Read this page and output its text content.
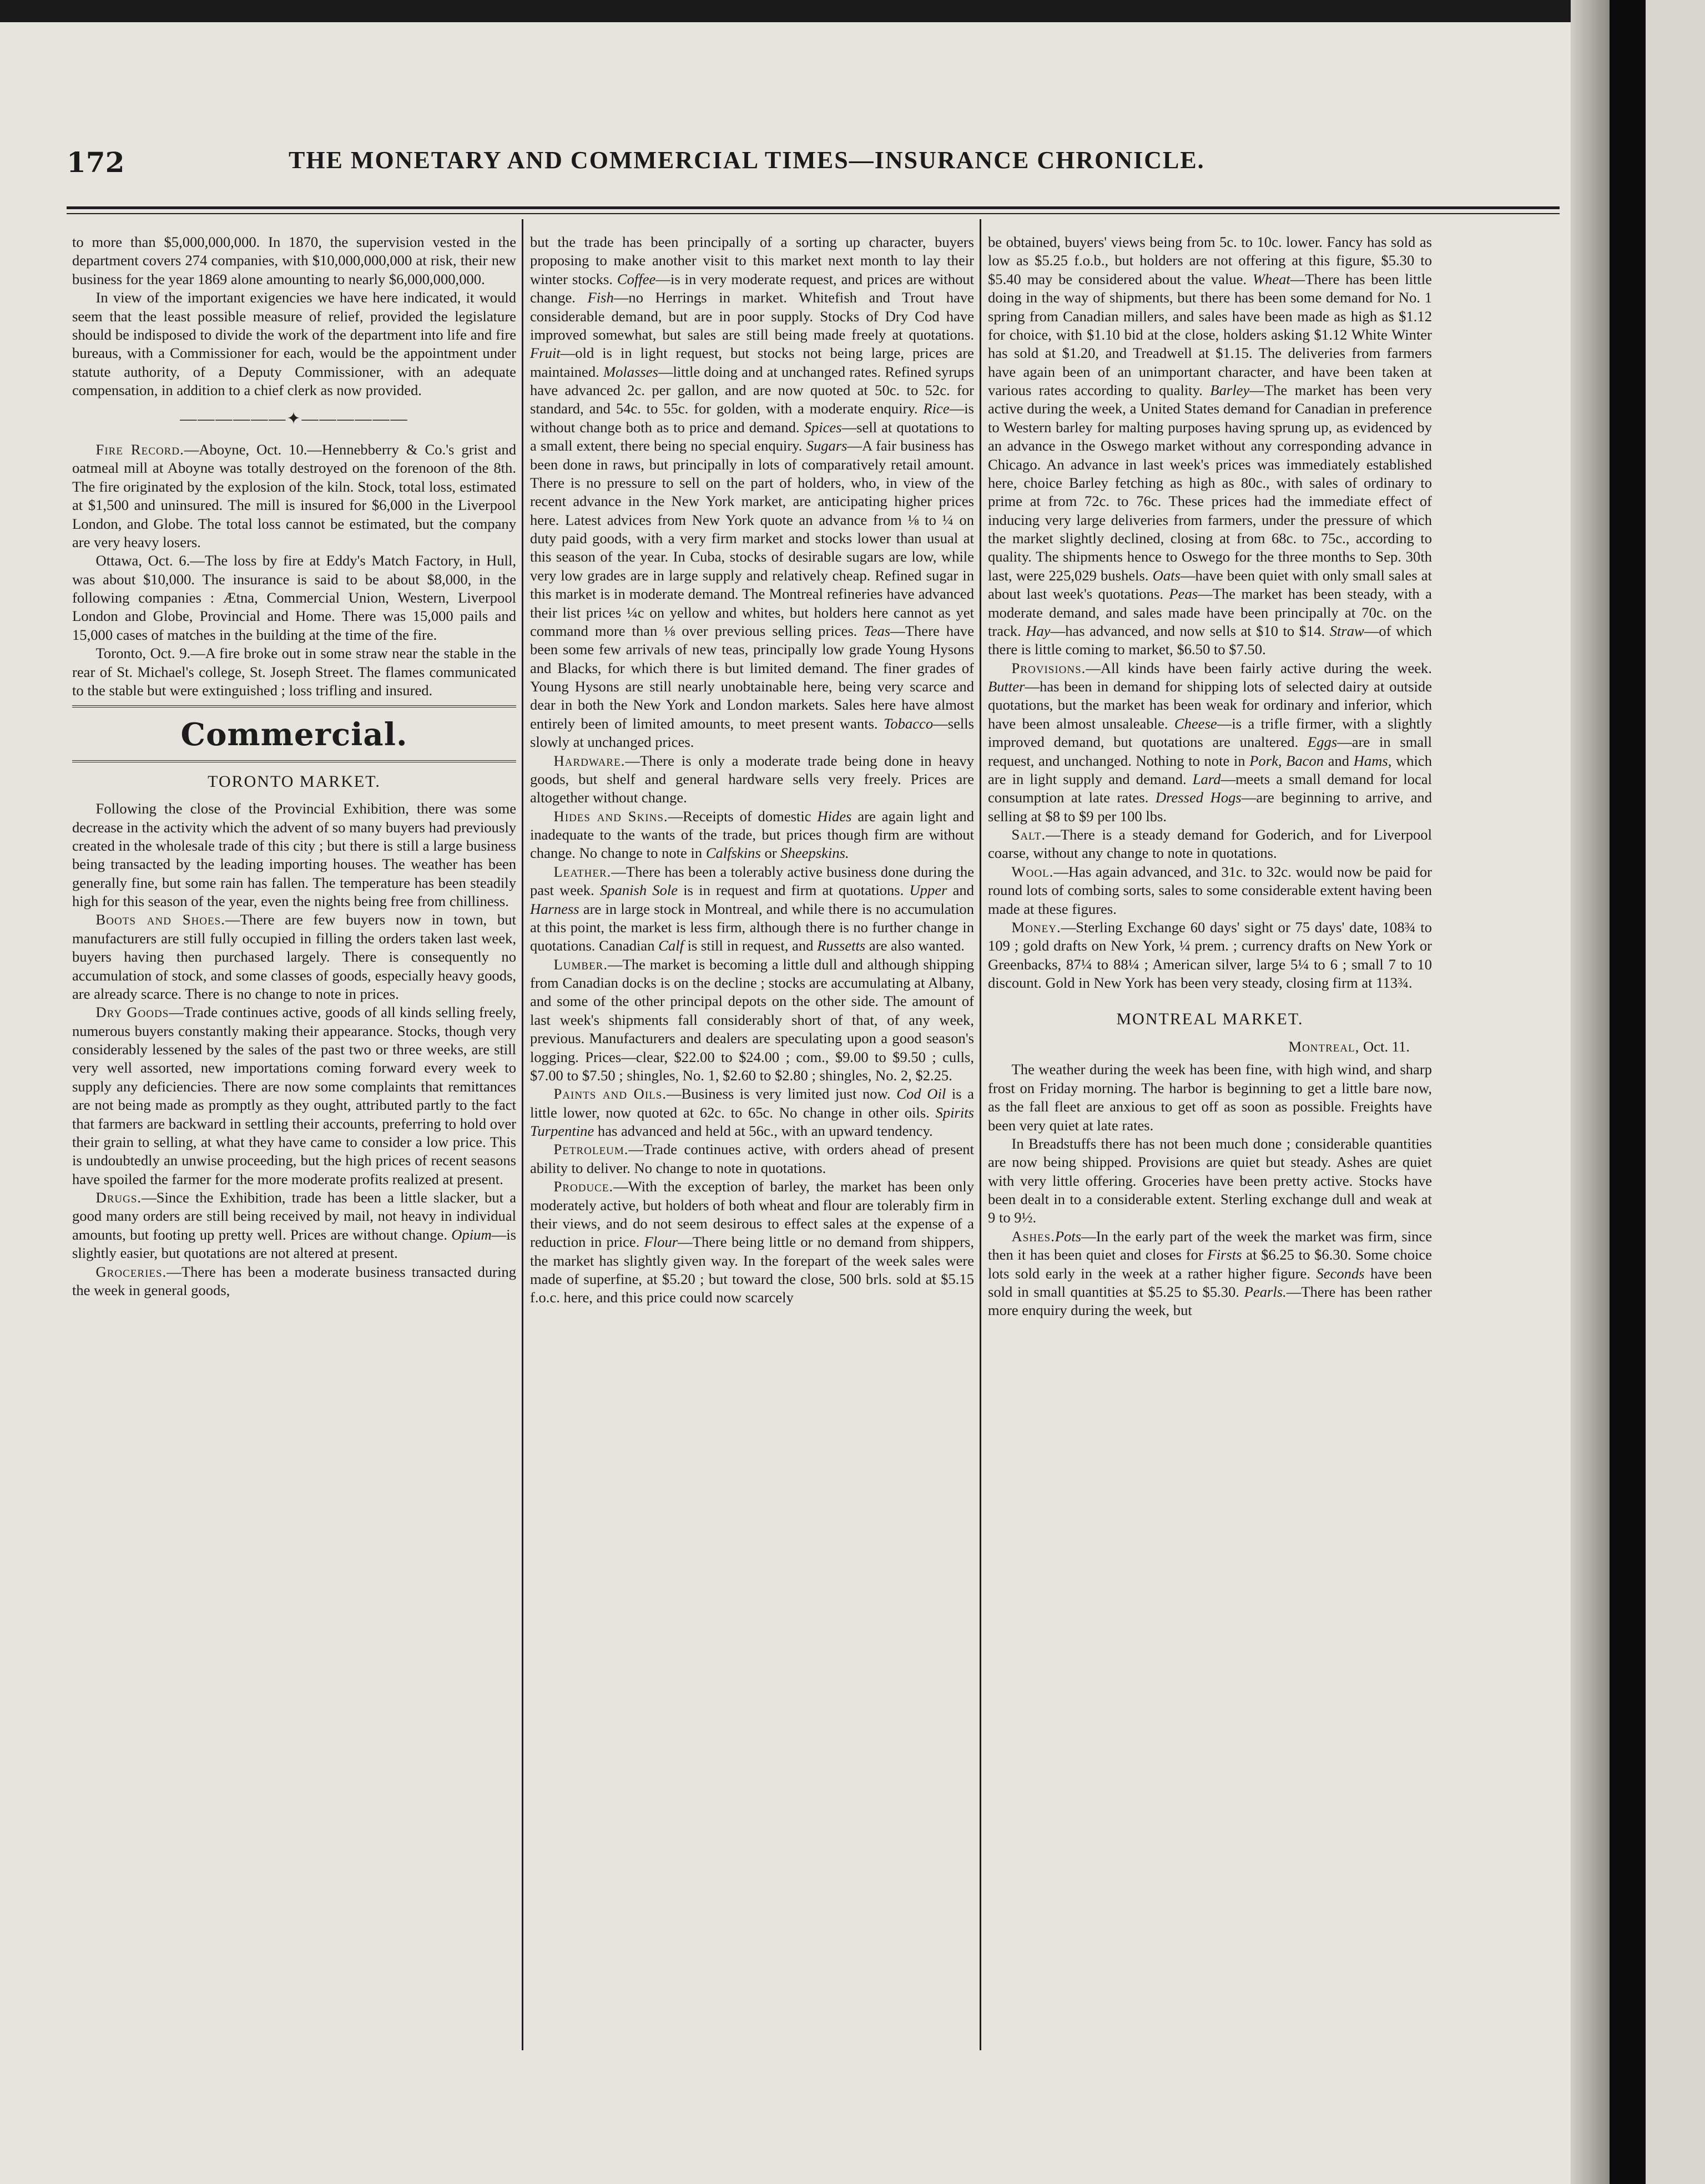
172	THE MONETARY AND COMMERCIAL TIMES—INSURANCE CHRONICLE.

to more than $5,000,000,000. In 1870, the supervision vested in the department covers 274 companies, with $10,000,000,000 at risk, their new business for the year 1869 alone amounting to nearly $6,000,000,000.

In view of the important exigencies we have here indicated, it would seem that the least possible measure of relief, provided the legislature should be indisposed to divide the work of the department into life and fire bureaus, with a Commissioner for each, would be the appointment under statute authority, of a Deputy Commissioner, with an adequate compensation, in addition to a chief clerk as now provided.

——————✦——————

Fire Record.—Aboyne, Oct. 10.—Hennebberry & Co.'s grist and oatmeal mill at Aboyne was totally destroyed on the forenoon of the 8th. The fire originated by the explosion of the kiln. Stock, total loss, estimated at $1,500 and uninsured. The mill is insured for $6,000 in the Liverpool London, and Globe. The total loss cannot be estimated, but the company are very heavy losers.

Ottawa, Oct. 6.—The loss by fire at Eddy's Match Factory, in Hull, was about $10,000. The insurance is said to be about $8,000, in the following companies : Ætna, Commercial Union, Western, Liverpool London and Globe, Provincial and Home. There was 15,000 pails and 15,000 cases of matches in the building at the time of the fire.

Toronto, Oct. 9.—A fire broke out in some straw near the stable in the rear of St. Michael's college, St. Joseph Street. The flames communicated to the stable but were extinguished ; loss trifling and insured.

Commercial.
TORONTO MARKET.

Following the close of the Provincial Exhibition, there was some decrease in the activity which the advent of so many buyers had previously created in the wholesale trade of this city ; but there is still a large business being transacted by the leading importing houses. The weather has been generally fine, but some rain has fallen. The temperature has been steadily high for this season of the year, even the nights being free from chilliness.

Boots and Shoes.—There are few buyers now in town, but manufacturers are still fully occupied in filling the orders taken last week, buyers having then purchased largely. There is consequently no accumulation of stock, and some classes of goods, especially heavy goods, are already scarce. There is no change to note in prices.

Dry Goods—Trade continues active, goods of all kinds selling freely, numerous buyers constantly making their appearance. Stocks, though very considerably lessened by the sales of the past two or three weeks, are still very well assorted, new importations coming forward every week to supply any deficiencies. There are now some complaints that remittances are not being made as promptly as they ought, attributed partly to the fact that farmers are backward in settling their accounts, preferring to hold over their grain to selling, at what they have came to consider a low price. This is undoubtedly an unwise proceeding, but the high prices of recent seasons have spoiled the farmer for the more moderate profits realized at present.

Drugs.—Since the Exhibition, trade has been a little slacker, but a good many orders are still being received by mail, not heavy in individual amounts, but footing up pretty well. Prices are without change. Opium—is slightly easier, but quotations are not altered at present.

Groceries.—There has been a moderate business transacted during the week in general goods,

but the trade has been principally of a sorting up character, buyers proposing to make another visit to this market next month to lay their winter stocks. Coffee—is in very moderate request, and prices are without change. Fish—no Herrings in market. Whitefish and Trout have considerable demand, but are in poor supply. Stocks of Dry Cod have improved somewhat, but sales are still being made freely at quotations. Fruit—old is in light request, but stocks not being large, prices are maintained. Molasses—little doing and at unchanged rates. Refined syrups have advanced 2c. per gallon, and are now quoted at 50c. to 52c. for standard, and 54c. to 55c. for golden, with a moderate enquiry. Rice—is without change both as to price and demand. Spices—sell at quotations to a small extent, there being no special enquiry. Sugars—A fair business has been done in raws, but principally in lots of comparatively retail amount. There is no pressure to sell on the part of holders, who, in view of the recent advance in the New York market, are anticipating higher prices here. Latest advices from New York quote an advance from ⅛ to ¼ on duty paid goods, with a very firm market and stocks lower than usual at this season of the year. In Cuba, stocks of desirable sugars are low, while very low grades are in large supply and relatively cheap. Refined sugar in this market is in moderate demand. The Montreal refineries have advanced their list prices ¼c on yellow and whites, but holders here cannot as yet command more than ⅛ over previous selling prices. Teas—There have been some few arrivals of new teas, principally low grade Young Hysons and Blacks, for which there is but limited demand. The finer grades of Young Hysons are still nearly unobtainable here, being very scarce and dear in both the New York and London markets. Sales here have almost entirely been of limited amounts, to meet present wants. Tobacco—sells slowly at unchanged prices.

Hardware.—There is only a moderate trade being done in heavy goods, but shelf and general hardware sells very freely. Prices are altogether without change.

Hides and Skins.—Receipts of domestic Hides are again light and inadequate to the wants of the trade, but prices though firm are without change. No change to note in Calfskins or Sheepskins.

Leather.—There has been a tolerably active business done during the past week. Spanish Sole is in request and firm at quotations. Upper and Harness are in large stock in Montreal, and while there is no accumulation at this point, the market is less firm, although there is no further change in quotations. Canadian Calf is still in request, and Russetts are also wanted.

Lumber.—The market is becoming a little dull and although shipping from Canadian docks is on the decline ; stocks are accumulating at Albany, and some of the other principal depots on the other side. The amount of last week's shipments fall considerably short of that, of any week, previous. Manufacturers and dealers are speculating upon a good season's logging. Prices—clear, $22.00 to $24.00 ; com., $9.00 to $9.50 ; culls, $7.00 to $7.50 ; shingles, No. 1, $2.60 to $2.80 ; shingles, No. 2, $2.25.

Paints and Oils.—Business is very limited just now. Cod Oil is a little lower, now quoted at 62c. to 65c. No change in other oils. Spirits Turpentine has advanced and held at 56c., with an upward tendency.

Petroleum.—Trade continues active, with orders ahead of present ability to deliver. No change to note in quotations.

Produce.—With the exception of barley, the market has been only moderately active, but holders of both wheat and flour are tolerably firm in their views, and do not seem desirous to effect sales at the expense of a reduction in price. Flour—There being little or no demand from shippers, the market has slightly given way. In the forepart of the week sales were made of superfine, at $5.20 ; but toward the close, 500 brls. sold at $5.15 f.o.c. here, and this price could now scarcely

be obtained, buyers' views being from 5c. to 10c. lower. Fancy has sold as low as $5.25 f.o.b., but holders are not offering at this figure, $5.30 to $5.40 may be considered about the value. Wheat—There has been little doing in the way of shipments, but there has been some demand for No. 1 spring from Canadian millers, and sales have been made as high as $1.12 for choice, with $1.10 bid at the close, holders asking $1.12 White Winter has sold at $1.20, and Treadwell at $1.15. The deliveries from farmers have again been of an unimportant character, and have been taken at various rates according to quality. Barley—The market has been very active during the week, a United States demand for Canadian in preference to Western barley for malting purposes having sprung up, as evidenced by an advance in the Oswego market without any corresponding advance in Chicago. An advance in last week's prices was immediately established here, choice Barley fetching as high as 80c., with sales of ordinary to prime at from 72c. to 76c. These prices had the immediate effect of inducing very large deliveries from farmers, under the pressure of which the market slightly declined, closing at from 68c. to 75c., according to quality. The shipments hence to Oswego for the three months to Sep. 30th last, were 225,029 bushels. Oats—have been quiet with only small sales at about last week's quotations. Peas—The market has been steady, with a moderate demand, and sales made have been principally at 70c. on the track. Hay—has advanced, and now sells at $10 to $14. Straw—of which there is little coming to market, $6.50 to $7.50.

Provisions.—All kinds have been fairly active during the week. Butter—has been in demand for shipping lots of selected dairy at outside quotations, but the market has been weak for ordinary and inferior, which have been almost unsaleable. Cheese—is a trifle firmer, with a slightly improved demand, but quotations are unaltered. Eggs—are in small request, and unchanged. Nothing to note in Pork, Bacon and Hams, which are in light supply and demand. Lard—meets a small demand for local consumption at late rates. Dressed Hogs—are beginning to arrive, and selling at $8 to $9 per 100 lbs.

Salt.—There is a steady demand for Goderich, and for Liverpool coarse, without any change to note in quotations.

Wool.—Has again advanced, and 31c. to 32c. would now be paid for round lots of combing sorts, sales to some considerable extent having been made at these figures.

Money.—Sterling Exchange 60 days' sight or 75 days' date, 108¾ to 109 ; gold drafts on New York, ¼ prem. ; currency drafts on New York or Greenbacks, 87¼ to 88¼ ; American silver, large 5¼ to 6 ; small 7 to 10 discount. Gold in New York has been very steady, closing firm at 113¾.

MONTREAL MARKET.
Montreal, Oct. 11.

The weather during the week has been fine, with high wind, and sharp frost on Friday morning. The harbor is beginning to get a little bare now, as the fall fleet are anxious to get off as soon as possible. Freights have been very quiet at late rates.

In Breadstuffs there has not been much done ; considerable quantities are now being shipped. Provisions are quiet but steady. Ashes are quiet with very little offering. Groceries have been pretty active. Stocks have been dealt in to a considerable extent. Sterling exchange dull and weak at 9 to 9½.

Ashes.Pots—In the early part of the week the market was firm, since then it has been quiet and closes for Firsts at $6.25 to $6.30. Some choice lots sold early in the week at a rather higher figure. Seconds have been sold in small quantities at $5.25 to $5.30. Pearls.—There has been rather more enquiry during the week, but
